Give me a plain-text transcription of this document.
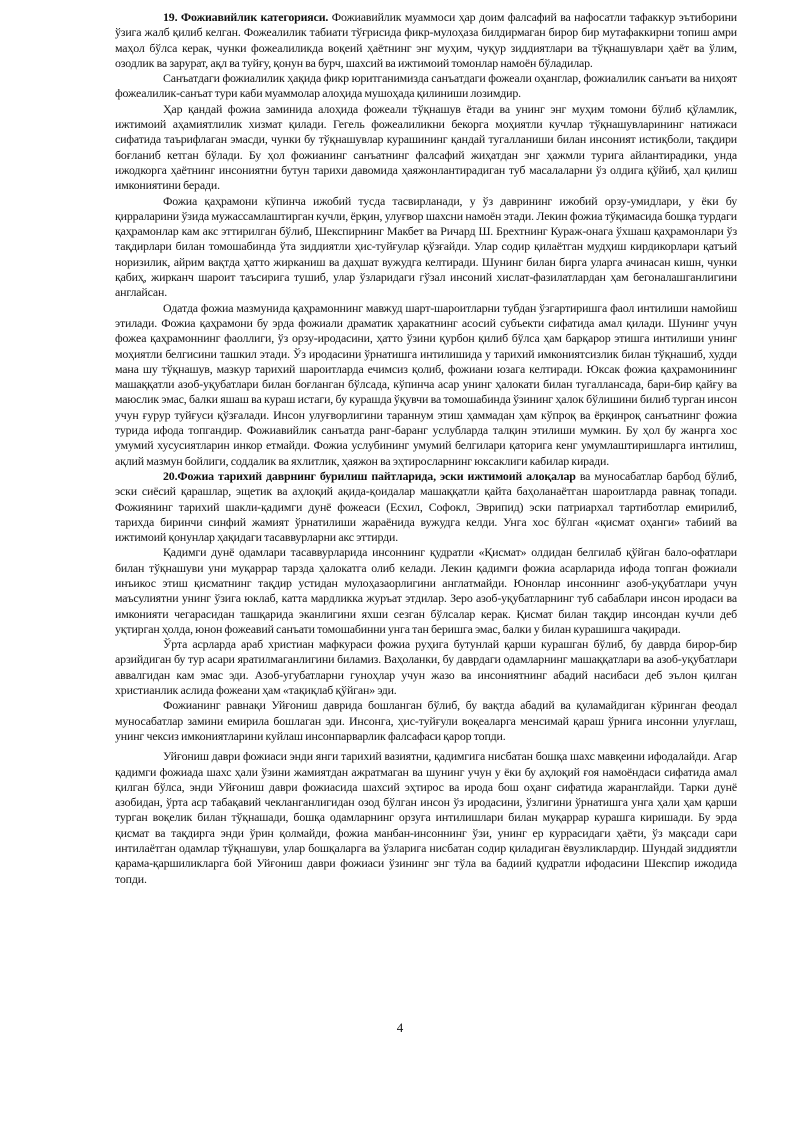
19. Фожиавийлик категорияси. Фожиавийлик муаммоси ҳар доим фалсафий ва нафосатли тафаккур эътиборини ўзига жалб қилиб келган. Фожеалилик табиати тўғрисида фикр-мулоҳаза билдирмаган бирор бир мутафаккирни топиш амри маҳол бўлса керак, чунки фожеалиликда воқеий ҳаётнинг энг муҳим, чуқур зиддиятлари ва тўқнашувлари ҳаёт ва ўлим, озодлик ва зарурат, ақл ва туйғу, қонун ва бурч, шахсий ва ижтимоий томонлар намоён бўладилар.

Санъатдаги фожиалилик ҳақида фикр юритганимизда санъатдаги фожеали оҳанглар, фожиалилик санъати ва ниҳоят фожеалилик-санъат тури каби муаммолар алоҳида мушоҳада қилиниши лозимдир.

Ҳар қандай фожиа заминида алоҳида фожеали тўқнашув ётади ва унинг энг муҳим томони бўлиб қўламлик, ижтимоий аҳамиятлилик хизмат қилади. Гегель фожеалиликни бекорга моҳиятли кучлар тўқнашувларининг натижаси сифатида таърифлаган эмасди, чунки бу тўқнашувлар курашининг қандай тугалланиши билан инсоният истиқболи, тақдири боғланиб кетган бўлади. Бу ҳол фожианинг санъатнинг фалсафий жиҳатдан энг ҳажмли турига айлантирадики, унда ижодкорга ҳаётнинг инсониятни бутун тарихи давомида ҳаяжонлантирадиган туб масалаларни ўз олдига қўйиб, ҳал қилиш имкониятини беради.

Фожиа қаҳрамони кўпинча ижобий тусда тасвирланади, у ўз даврининг ижобий орзу-умидлари, у ёки бу қирраларини ўзида мужассамлаштирган кучли, ёрқин, улуғвор шахсни намоён этади. Лекин фожиа тўқимасида бошқа турдаги қаҳрамонлар кам акс эттирилган бўлиб, Шекспирнинг Макбет ва Ричард Ш. Брехтнинг Кураж-онага ўхшаш қаҳрамонлари ўз тақдирлари билан томошабинда ўта зиддиятли ҳис-туйғулар қўзғайди. Улар содир қилаётган мудҳиш кирдикорлари қатъий норизилик, айрим вақтда ҳатто жирканиш ва даҳшат вужудга келтиради. Шунинг билан бирга уларга ачинасан кишн, чунки қабиҳ, жирканч шароит таъсирига тушиб, улар ўзларидаги гўзал инсоний хислат-фазилатлардан ҳам бегоналашганлигини англайсан.

Одатда фожиа мазмунида қаҳрамоннинг мавжуд шарт-шароитларни тубдан ўзгартиришга фаол интилиши намойиш этилади. Фожиа қаҳрамони бу эрда фожиали драматик ҳаракатнинг асосий субъекти сифатида амал қилади. Шунинг учун фожеа қаҳрамоннинг фаоллиги, ўз орзу-иродасини, ҳатто ўзини қурбон қилиб бўлса ҳам барқарор этишга интилиши унинг моҳиятли белгисини ташкил этади. Ўз иродасини ўрнатишга интилишида у тарихий имкониятсизлик билан тўқнашиб, худди мана шу тўқнашув, мазкур тарихий шароитларда ечимсиз қолиб, фожиани юзага келтиради. Юксак фожиа қаҳрамонининг машаққатли азоб-уқубатлари билан боғланган бўлсада, кўпинча асар унинг ҳалокати билан тугаллансада, бари-бир қайғу ва маюслик эмас, балки яшаш ва кураш истаги, бу курашда ўқувчи ва томошабинда ўзининг ҳалок бўлишини билиб турган инсон учун ғурур туйғуси қўзғалади. Инсон улуғворлигини тараннум этиш ҳаммадан ҳам кўпроқ ва ёрқинроқ санъатнинг фожиа турида ифода топгандир. Фожиавийлик санъатда ранг-баранг услубларда талқин этилиши мумкин. Бу ҳол бу жанрга хос умумий хусусиятларин инкор етмайди. Фожиа услубининг умумий белгилари қаторига кенг умумлаштиришларга интилиш, ақлий мазмун бойлиги, соддалик ва яхлитлик, ҳаяжон ва эҳтиросларнинг юксаклиги кабилар киради.

20.Фожиа тарихий даврнинг бурилиш пайтларида, эски ижтимоий алоқалар ва муносабатлар барбод бўлиб, эски сиёсий қарашлар, эщетик ва аҳлоқий ақида-қоидалар машаққатли қайта баҳоланаётган шароитларда равнақ топади. Фожиянинг тарихий шакли-қадимги дунё фожеаси (Есхил, Софокл, Эврипид) эски патриархал тартиботлар емирилиб, тарихда биринчи синфий жамият ўрнатилиши жараёнида вужудга келди. Унга хос бўлган «қисмат оҳанги» табиий ва ижтимоий қонунлар ҳақидаги тасаввурларни акс эттирди.

Қадимги дунё одамлари тасаввурларида инсоннинг қудратли «Қисмат» олдидан белгилаб қўйган бало-офатлари билан тўқнашуви уни муқаррар тарзда ҳалокатга олиб келади. Лекин қадимги фожиа асарларида ифода топган фожиали инъикос этиш қисматнинг тақдир устидан мулоҳазаорлигини англатмайди. Юнонлар инсоннинг азоб-уқубатлари учун маъсулиятни унинг ўзига юклаб, катта мардликка журъат этдилар. Зеро азоб-уқубатларнинг туб сабаблари инсон иродаси ва имконияти чегарасидан ташқарида эканлигини яхши сезган бўлсалар керак. Қисмат билан тақдир инсондан кучли деб уқтирган ҳолда, юнон фожеавий санъати томошабинни унга тан беришга эмас, балки у билан курашишга чақиради.

Ўрта асрларда араб христиан мафкураси фожиа руҳига бутунлай қарши курашган бўлиб, бу даврда бирор-бир арзийдиган бу тур асари яратилмаганлигини биламиз. Ваҳоланки, бу даврдаги одамларнинг машаққатлари ва азоб-уқубатлари аввалгидан кам эмас эди. Азоб-угубатларни гуноҳлар учун жазо ва инсониятнинг абадий насибаси деб эълон қилган христианлик аслида фожеани ҳам «тақиқлаб қўйган» эди.

Фожианинг равнақи Уйғониш даврида бошланган бўлиб, бу вақтда абадий ва қуламайдиган кўринган феодал муносабатлар замини емирила бошлаган эди. Инсонга, ҳис-туйғули воқеаларга менсимай қараш ўрнига инсонни улуғлаш, унинг чексиз имкониятларини куйлаш инсонпарварлик фалсафаси қарор топди.

Уйғониш даври фожиаси энди янги тарихий вазиятни, қадимгига нисбатан бошқа шахс мавқеини ифодалайди. Агар қадимги фожиада шахс ҳали ўзини жамиятдан ажратмаган ва шунинг учун у ёки бу аҳлоқий ғоя намоёндаси сифатида амал қилган бўлса, энди Уйғониш даври фожиасида шахсий эҳтирос ва ирода бош оҳанг сифатида жаранглайди. Тарки дунё азобидан, ўрта аср табақавий чекланганлигидан озод бўлган инсон ўз иродасини, ўзлигини ўрнатишга унга ҳали ҳам қарши турган воқелик билан тўқнашади, бошқа одамларнинг орзуга интилишлари билан муқаррар курашга киришади. Бу эрда қисмат ва тақдирга энди ўрин қолмайди, фожиа манбан-инсоннинг ўзи, унинг ер куррасидаги ҳаёти, ўз мақсади сари интилаётган одамлар тўқнашуви, улар бошқаларга ва ўзларига нисбатан содир қиладиган ёвузликлардир. Шундай зиддиятли қарама-қаршиликларга бой Уйғониш даври фожиаси ўзининг энг тўла ва бадиий қудратли ифодасини Шекспир ижодида топди.

4
